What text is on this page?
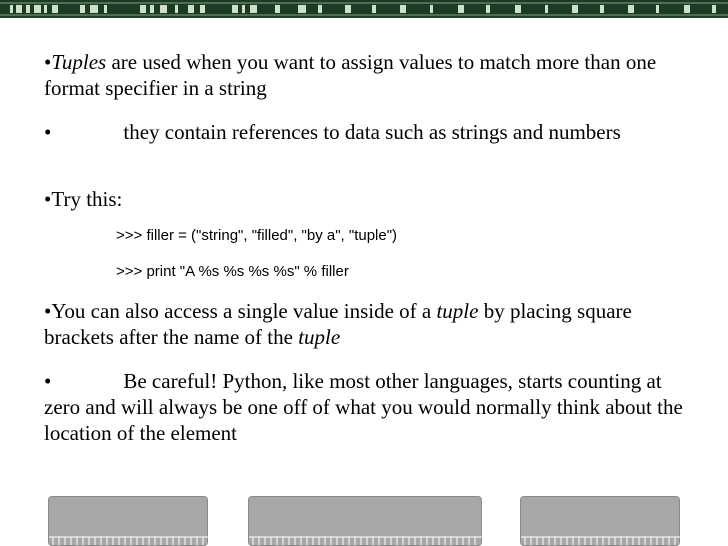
•Tuples are used when you want to assign values to match more than one format specifier in a string

•	they contain references to data such as strings and numbers

•Try this:

>>> filler = ("string", "filled", "by a", "tuple")
>>> print "A %s %s %s %s" % filler

•You can also access a single value inside of a tuple by placing square brackets after the name of the tuple

•	Be careful! Python, like most other languages, starts counting at zero and will always be one off of what you would normally think about the location of the element
